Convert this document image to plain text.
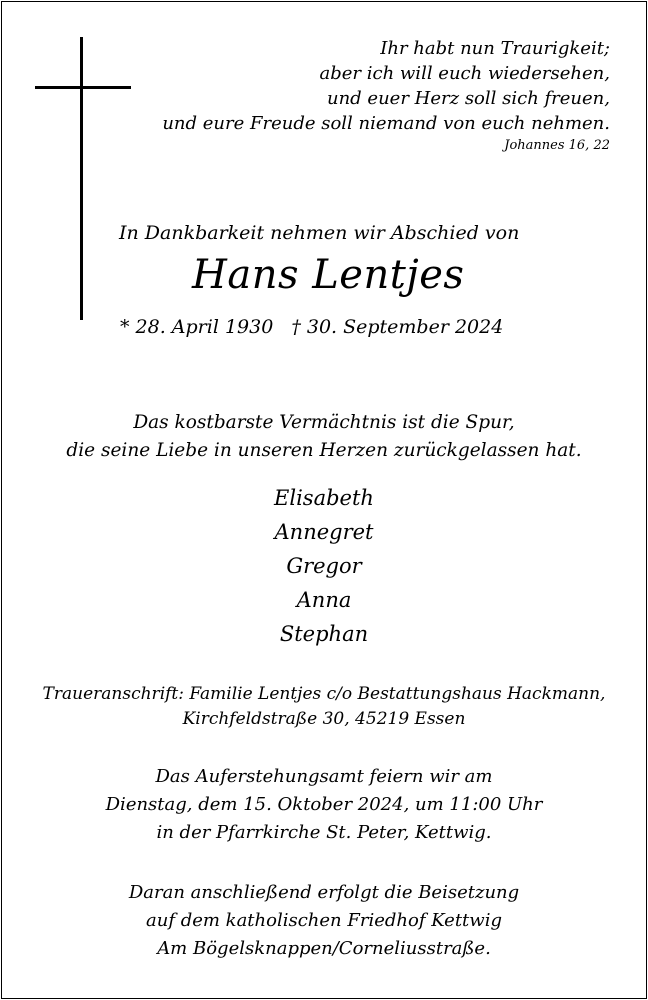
Ihr habt nun Traurigkeit;
aber ich will euch wiedersehen,
und euer Herz soll sich freuen,
und eure Freude soll niemand von euch nehmen.
Johannes 16, 22
In Dankbarkeit nehmen wir Abschied von
Hans Lentjes
* 28. April 1930 † 30. September 2024
Das kostbarste Vermächtnis ist die Spur,
die seine Liebe in unseren Herzen zurückgelassen hat.
Elisabeth
Annegret
Gregor
Anna
Stephan
Traueranschrift: Familie Lentjes c/o Bestattungshaus Hackmann,
Kirchfeldstraße 30, 45219 Essen
Das Auferstehungsamt feiern wir am
Dienstag, dem 15. Oktober 2024, um 11:00 Uhr
in der Pfarrkirche St. Peter, Kettwig.
Daran anschließend erfolgt die Beisetzung
auf dem katholischen Friedhof Kettwig
Am Bögelsknappen/Corneliusstraße.
